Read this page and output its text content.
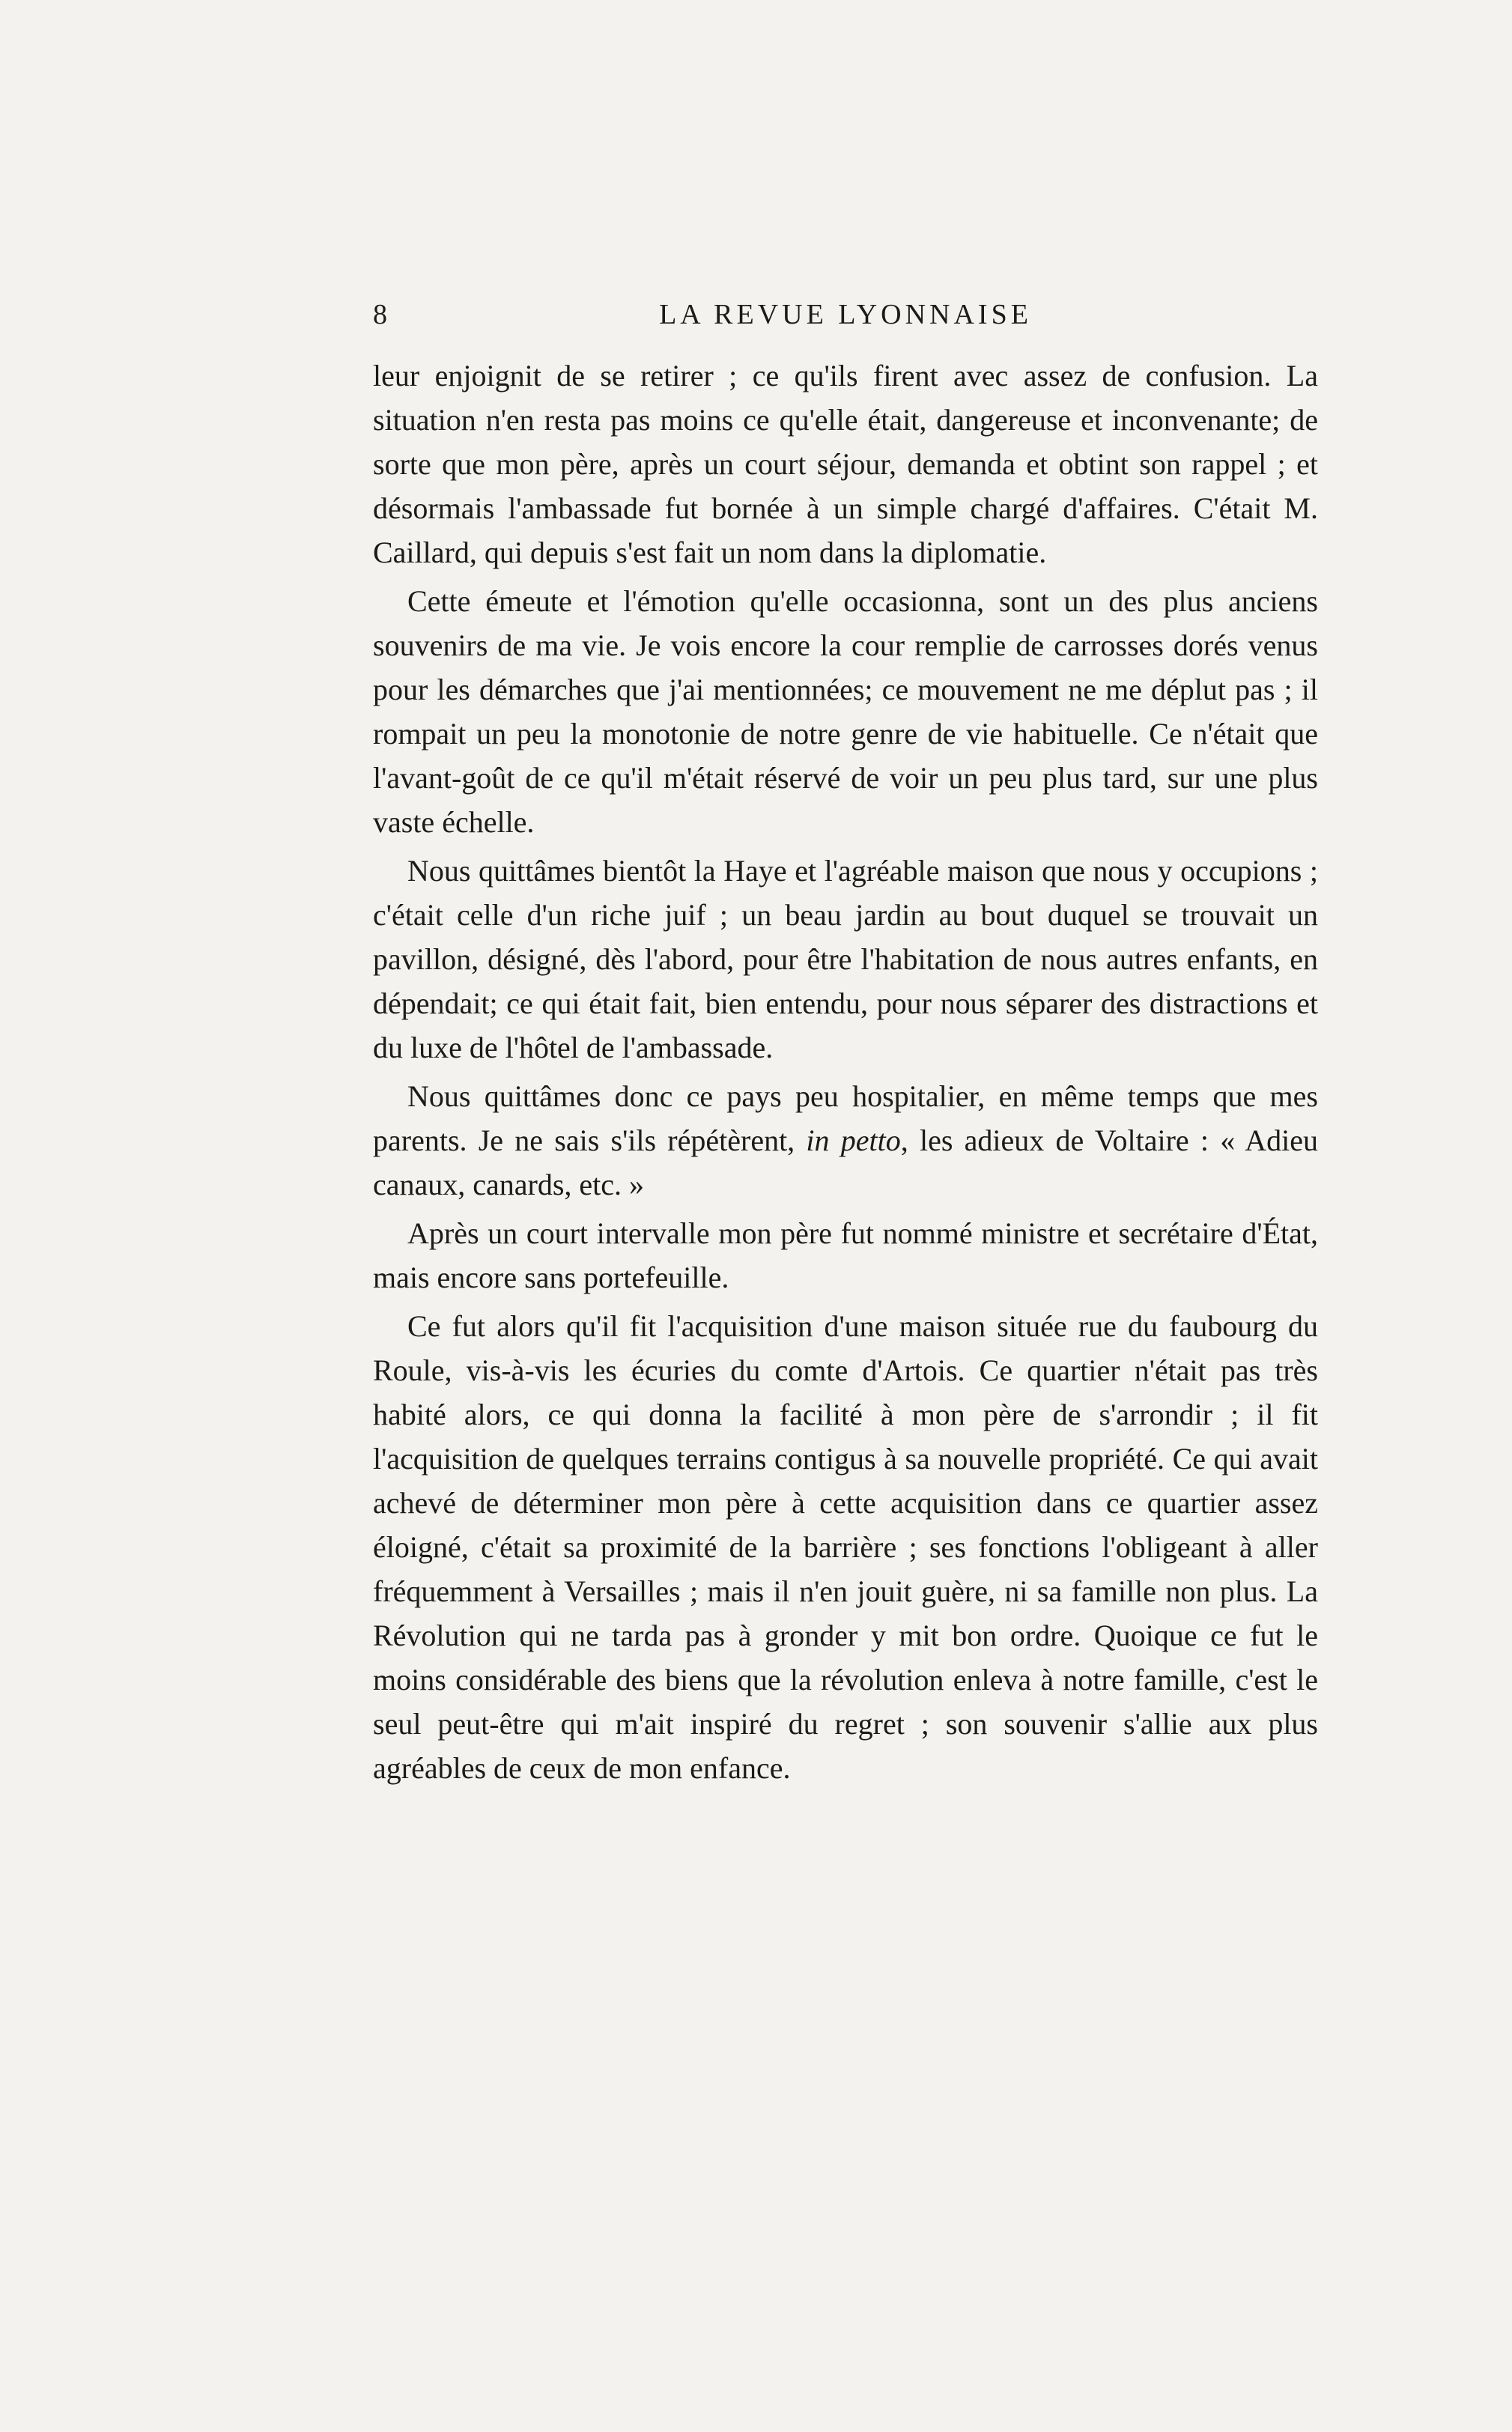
8	LA REVUE LYONNAISE

leur enjoignit de se retirer ; ce qu'ils firent avec assez de confusion. La situation n'en resta pas moins ce qu'elle était, dangereuse et inconvenante; de sorte que mon père, après un court séjour, demanda et obtint son rappel ; et désormais l'ambassade fut bornée à un simple chargé d'affaires. C'était M. Caillard, qui depuis s'est fait un nom dans la diplomatie.

Cette émeute et l'émotion qu'elle occasionna, sont un des plus anciens souvenirs de ma vie. Je vois encore la cour remplie de carrosses dorés venus pour les démarches que j'ai mentionnées; ce mouvement ne me déplut pas ; il rompait un peu la monotonie de notre genre de vie habituelle. Ce n'était que l'avant-goût de ce qu'il m'était réservé de voir un peu plus tard, sur une plus vaste échelle.

Nous quittâmes bientôt la Haye et l'agréable maison que nous y occupions ; c'était celle d'un riche juif ; un beau jardin au bout duquel se trouvait un pavillon, désigné, dès l'abord, pour être l'habitation de nous autres enfants, en dépendait; ce qui était fait, bien entendu, pour nous séparer des distractions et du luxe de l'hôtel de l'ambassade.

Nous quittâmes donc ce pays peu hospitalier, en même temps que mes parents. Je ne sais s'ils répétèrent, in petto, les adieux de Voltaire : « Adieu canaux, canards, etc. »

Après un court intervalle mon père fut nommé ministre et secrétaire d'État, mais encore sans portefeuille.

Ce fut alors qu'il fit l'acquisition d'une maison située rue du faubourg du Roule, vis-à-vis les écuries du comte d'Artois. Ce quartier n'était pas très habité alors, ce qui donna la facilité à mon père de s'arrondir ; il fit l'acquisition de quelques terrains contigus à sa nouvelle propriété. Ce qui avait achevé de déterminer mon père à cette acquisition dans ce quartier assez éloigné, c'était sa proximité de la barrière ; ses fonctions l'obligeant à aller fréquemment à Versailles ; mais il n'en jouit guère, ni sa famille non plus. La Révolution qui ne tarda pas à gronder y mit bon ordre. Quoique ce fut le moins considérable des biens que la révolution enleva à notre famille, c'est le seul peut-être qui m'ait inspiré du regret ; son souvenir s'allie aux plus agréables de ceux de mon enfance.
